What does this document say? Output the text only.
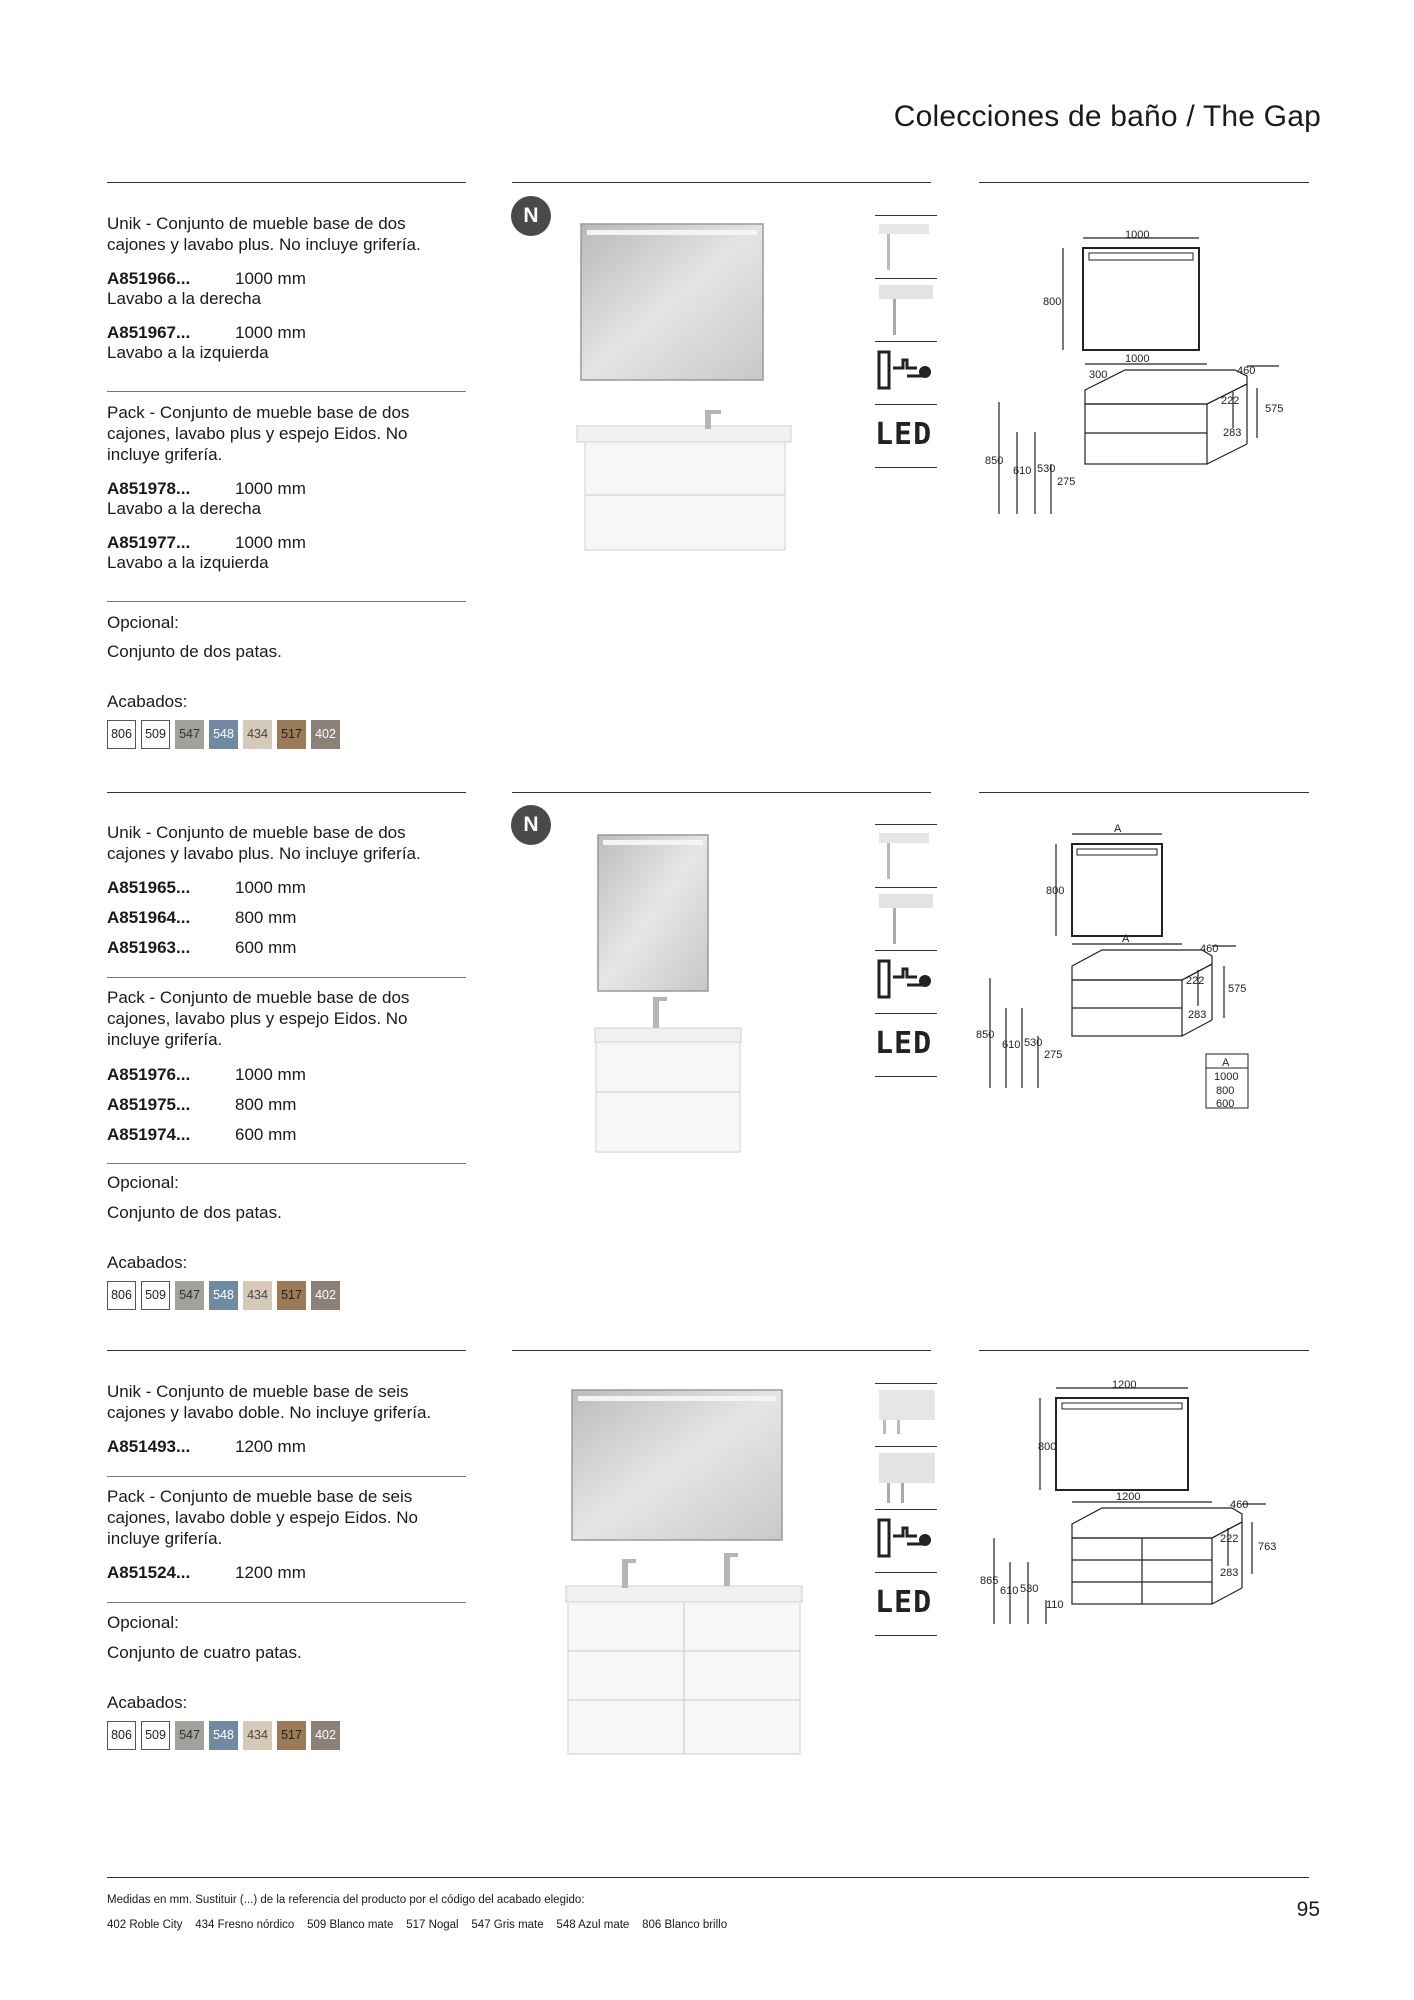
Colecciones de baño / The Gap
Unik - Conjunto de mueble base de dos
cajones y lavabo plus. No incluye grifería.
A851966...	1000 mm
Lavabo a la derecha
A851967...	1000 mm
Lavabo a la izquierda
Pack - Conjunto de mueble base de dos
cajones, lavabo plus y espejo Eidos. No
incluye grifería.
A851978...	1000 mm
Lavabo a la derecha
A851977...	1000 mm
Lavabo a la izquierda
Opcional:
Conjunto de dos patas.
Acabados:
806	509	547	548	434	517	402
N
LED
1000
800
1000
300	460
850
610 530
275
222
575
283
Unik - Conjunto de mueble base de dos
cajones y lavabo plus. No incluye grifería.
A851965...	1000 mm
A851964...	800 mm
A851963...	600 mm
Pack - Conjunto de mueble base de dos
cajones, lavabo plus y espejo Eidos. No
incluye grifería.
A851976...	1000 mm
A851975...	800 mm
A851974...	600 mm
Opcional:
Conjunto de dos patas.
Acabados:
806	509	547	548	434	517	402
N
LED
A
800
A
460
850
610 530
275
222
575
283
A
1000
800
600
Unik - Conjunto de mueble base de seis
cajones y lavabo doble. No incluye grifería.
A851493...	1200 mm
Pack - Conjunto de mueble base de seis
cajones, lavabo doble y espejo Eidos. No
incluye grifería.
A851524...	1200 mm
Opcional:
Conjunto de cuatro patas.
Acabados:
806	509	547	548	434	517	402
LED
1200
800
1200
460
865
610 530
110
222
763
283
Medidas en mm. Sustituir (...) de la referencia del producto por el código del acabado elegido:
402 Roble City 434 Fresno nórdico 509 Blanco mate 517 Nogal 547 Gris mate 548 Azul mate 806 Blanco brillo
95
